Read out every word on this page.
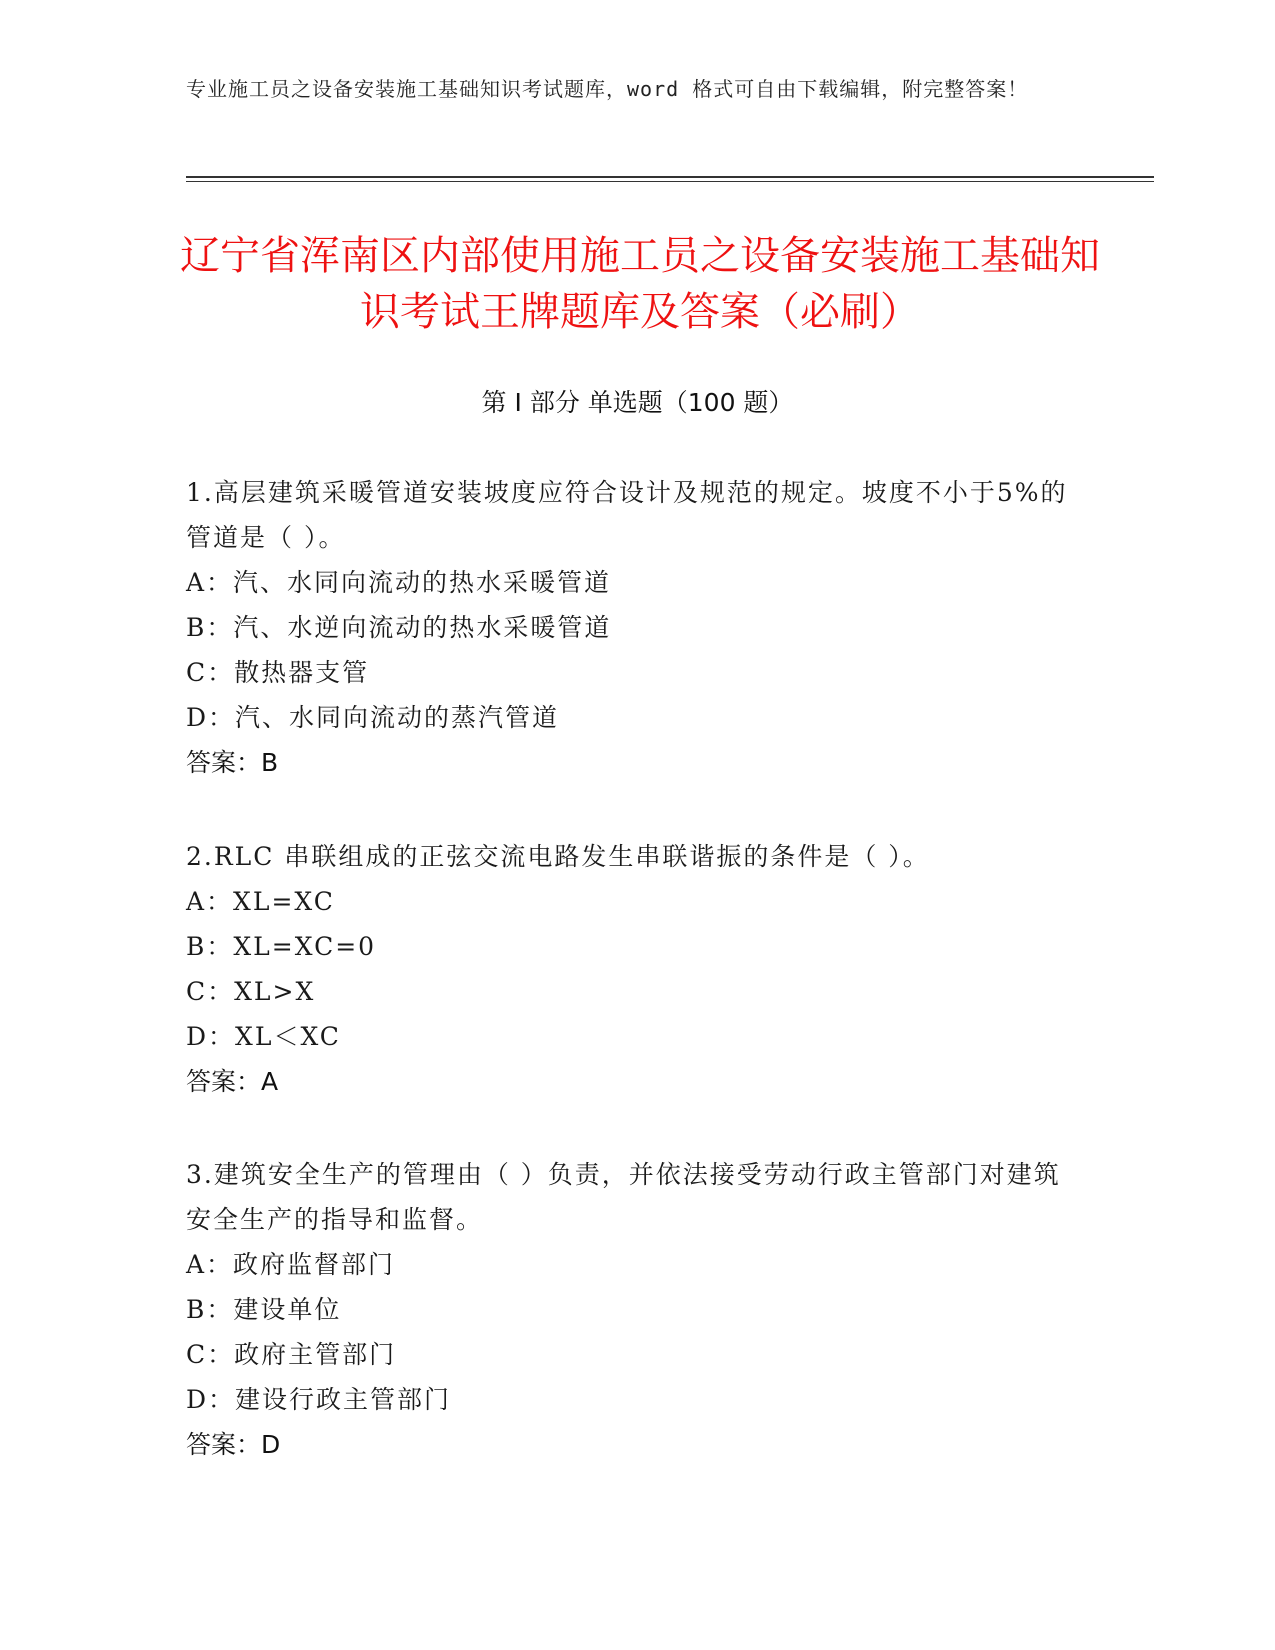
专业施工员之设备安装施工基础知识考试题库，word 格式可自由下载编辑，附完整答案！
辽宁省浑南区内部使用施工员之设备安装施工基础知识考试王牌题库及答案（必刷）
第 I 部分 单选题（100 题）
1.高层建筑采暖管道安装坡度应符合设计及规范的规定。坡度不小于5%的管道是（ ）。
A：汽、水同向流动的热水采暖管道
B：汽、水逆向流动的热水采暖管道
C：散热器支管
D：汽、水同向流动的蒸汽管道
答案：B
2.RLC 串联组成的正弦交流电路发生串联谐振的条件是（ ）。
A：XL=XC
B：XL=XC=0
C：XL>X
D：XL＜XC
答案：A
3.建筑安全生产的管理由（ ）负责，并依法接受劳动行政主管部门对建筑安全生产的指导和监督。
A：政府监督部门
B：建设单位
C：政府主管部门
D：建设行政主管部门
答案：D
